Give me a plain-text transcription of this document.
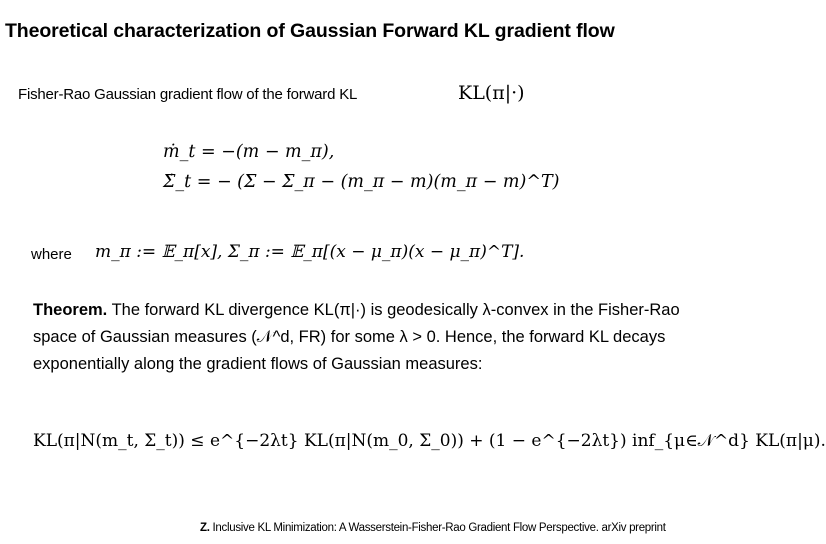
Theoretical characterization of Gaussian Forward KL gradient flow
Fisher-Rao Gaussian gradient flow of the forward KL	KL(π|·)
ṁ_t = −(m − m_π),
Σ̇_t = − (Σ − Σ_π − (m_π − m)(m_π − m)^T)
where m_π := 𝔼_π[x], Σ_π := 𝔼_π[(x − μ_π)(x − μ_π)^T].
Theorem. The forward KL divergence KL(π|·) is geodesically λ-convex in the Fisher-Rao space of Gaussian measures (𝒩^d, FR) for some λ > 0. Hence, the forward KL decays exponentially along the gradient flows of Gaussian measures:
KL(π|N(m_t, Σ_t)) ≤ e^{−2λt} KL(π|N(m_0, Σ_0)) + (1 − e^{−2λt}) inf_{μ∈𝒩^d} KL(π|μ).
Z. Inclusive KL Minimization: A Wasserstein-Fisher-Rao Gradient Flow Perspective. arXiv preprint
